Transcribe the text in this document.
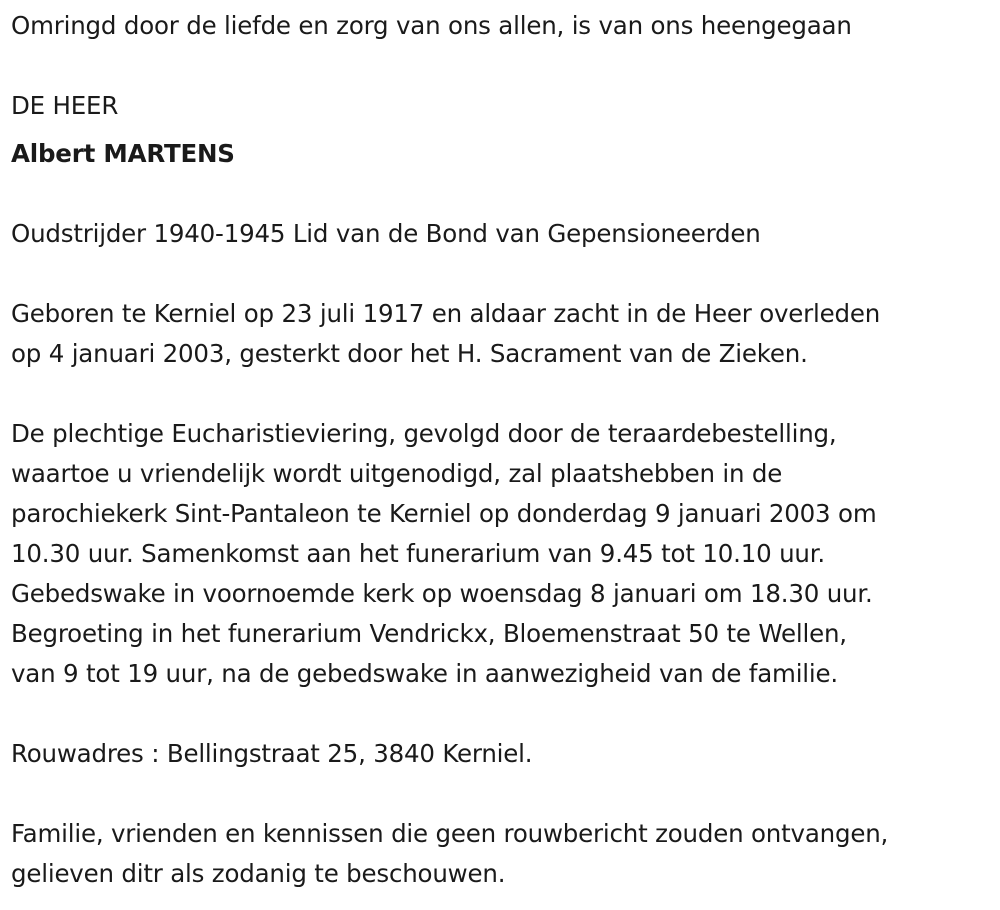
Omringd door de liefde en zorg van ons allen, is van ons heengegaan
DE HEER
Albert MARTENS
Oudstrijder 1940-1945 Lid van de Bond van Gepensioneerden
Geboren te Kerniel op 23 juli 1917 en aldaar zacht in de Heer overleden
op 4 januari 2003, gesterkt door het H. Sacrament van de Zieken.
De plechtige Eucharistieviering, gevolgd door de teraardebestelling,
waartoe u vriendelijk wordt uitgenodigd, zal plaatshebben in de
parochiekerk Sint-Pantaleon te Kerniel op donderdag 9 januari 2003 om
10.30 uur. Samenkomst aan het funerarium van 9.45 tot 10.10 uur.
Gebedswake in voornoemde kerk op woensdag 8 januari om 18.30 uur.
Begroeting in het funerarium Vendrickx, Bloemenstraat 50 te Wellen,
van 9 tot 19 uur, na de gebedswake in aanwezigheid van de familie.
Rouwadres : Bellingstraat 25, 3840 Kerniel.
Familie, vrienden en kennissen die geen rouwbericht zouden ontvangen,
gelieven ditr als zodanig te beschouwen.
